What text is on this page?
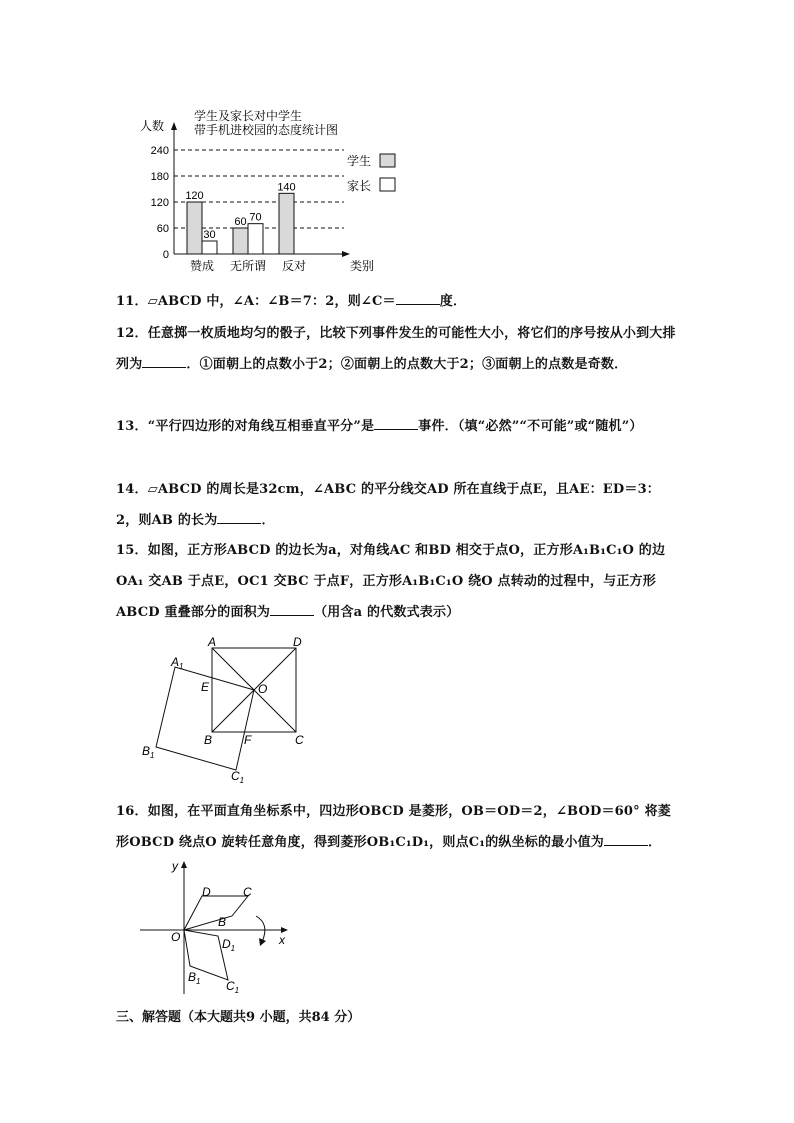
学生及家长对中学生
带手机进校园的态度统计图
人数
类别
0
60
120
180
240
120
30
赞成
60 70
无所谓
140
反对
学生
家长
11．▱ABCD 中，∠A：∠B＝7：2，则∠C＝	度．
12．任意掷一枚质地均匀的骰子，比较下列事件发生的可能性大小，将它们的序号按从小到大排列为	．①面朝上的点数小于2；②面朝上的点数大于2；③面朝上的点数是奇数．
13．“平行四边形的对角线互相垂直平分”是	事件．（填“必然”“不可能”或“随机”）
14．▱ABCD 的周长是32cm，∠ABC 的平分线交AD 所在直线于点E，且AE：ED＝3：2，则AB 的长为	．
15．如图，正方形ABCD 的边长为a，对角线AC 和BD 相交于点O，正方形A₁B₁C₁O 的边OA₁ 交AB 于点E，OC1 交BC 于点F，正方形A₁B₁C₁O 绕O 点转动的过程中，与正方形ABCD 重叠部分的面积为	（用含a 的代数式表示）
A	D
B	C
E
F
O
$A_1$
$B_1$
$C_1$
16．如图，在平面直角坐标系中，四边形OBCD 是菱形，OB＝OD＝2，∠BOD＝60° 将菱形OBCD 绕点O 旋转任意角度，得到菱形OB₁C₁D₁，则点C₁的纵坐标的最小值为	．
x
y
O
D	C
B
$D_1$
$B_1$ $C_1$
三、解答题（本大题共9 小题，共84 分）
